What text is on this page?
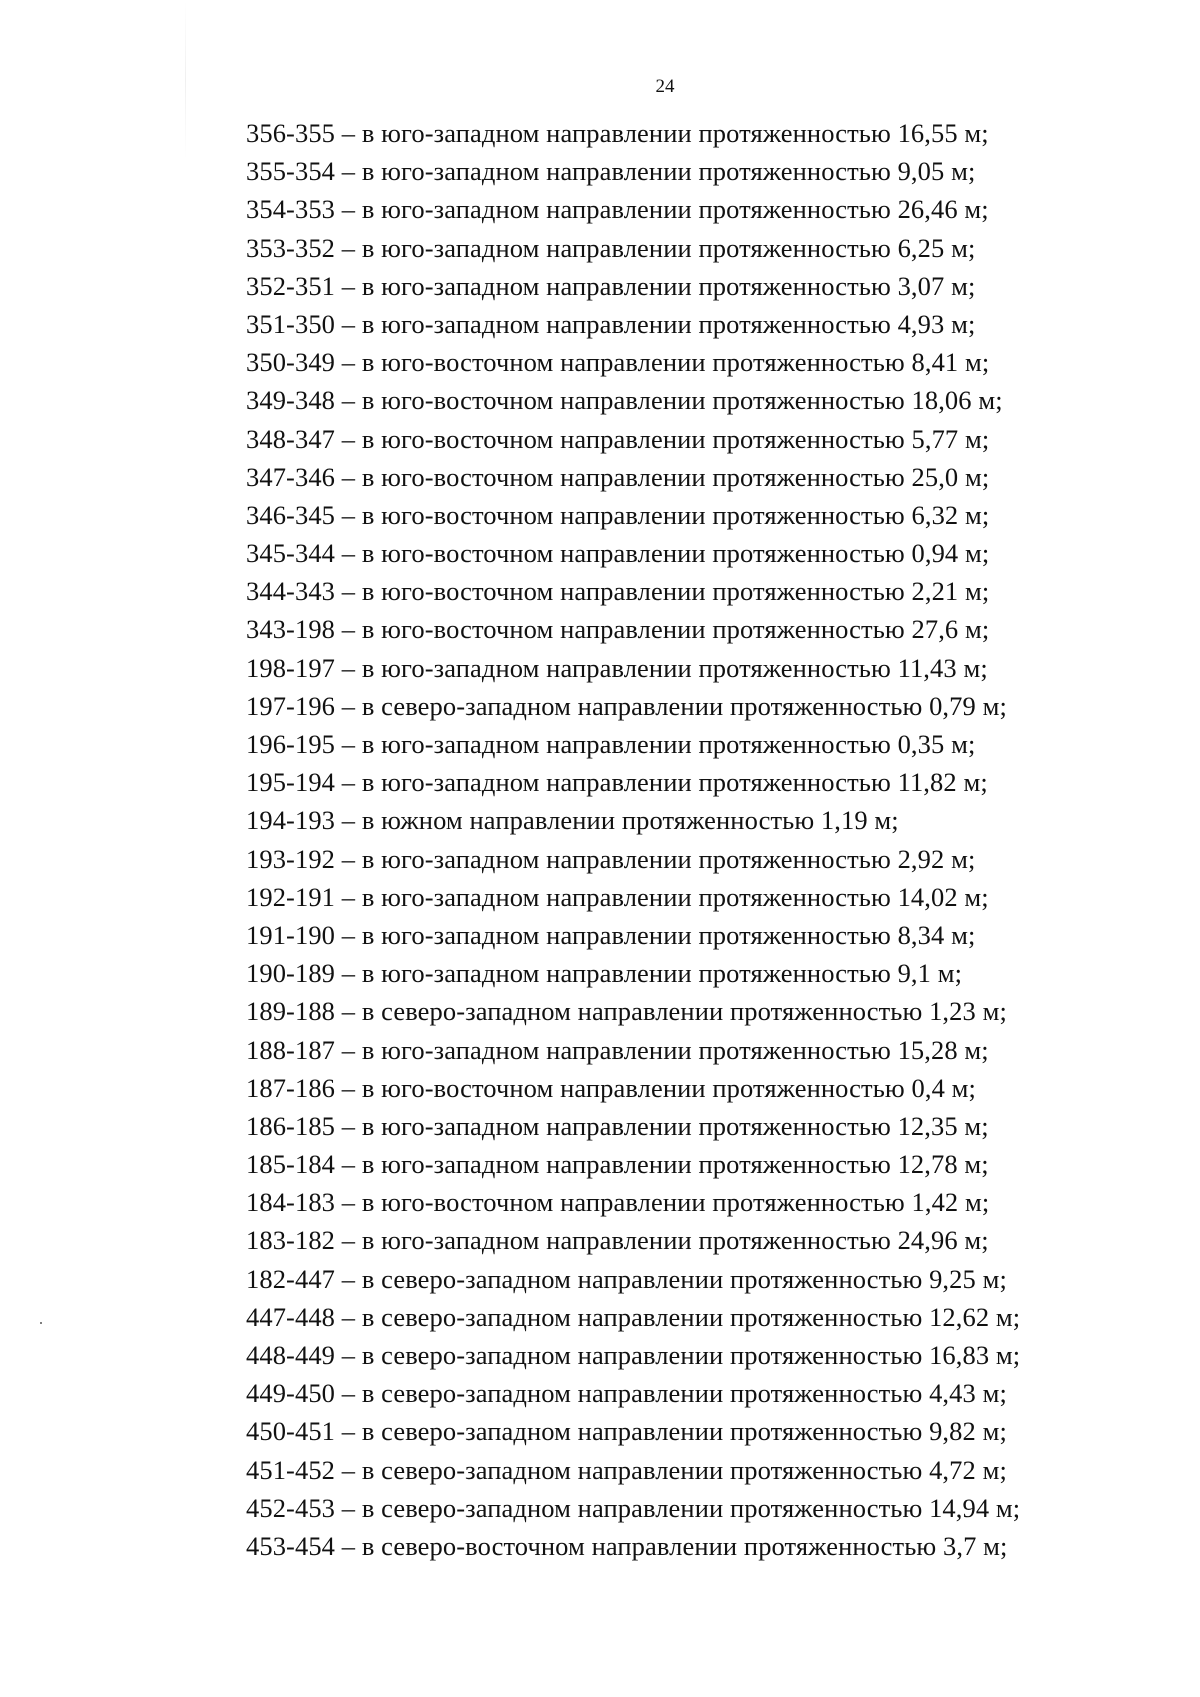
24
356-355 – в юго-западном направлении протяженностью 16,55 м;
355-354 – в юго-западном направлении протяженностью 9,05 м;
354-353 – в юго-западном направлении протяженностью 26,46 м;
353-352 – в юго-западном направлении протяженностью 6,25 м;
352-351 – в юго-западном направлении протяженностью 3,07 м;
351-350 – в юго-западном направлении протяженностью 4,93 м;
350-349 – в юго-восточном направлении протяженностью 8,41 м;
349-348 – в юго-восточном направлении протяженностью 18,06 м;
348-347 – в юго-восточном направлении протяженностью 5,77 м;
347-346 – в юго-восточном направлении протяженностью 25,0 м;
346-345 – в юго-восточном направлении протяженностью 6,32 м;
345-344 – в юго-восточном направлении протяженностью 0,94 м;
344-343 – в юго-восточном направлении протяженностью 2,21 м;
343-198 – в юго-восточном направлении протяженностью 27,6 м;
198-197 – в юго-западном направлении протяженностью 11,43 м;
197-196 – в северо-западном направлении протяженностью 0,79 м;
196-195 – в юго-западном направлении протяженностью 0,35 м;
195-194 – в юго-западном направлении протяженностью 11,82 м;
194-193 – в южном направлении протяженностью 1,19 м;
193-192 – в юго-западном направлении протяженностью 2,92 м;
192-191 – в юго-западном направлении протяженностью 14,02 м;
191-190 – в юго-западном направлении протяженностью 8,34 м;
190-189 – в юго-западном направлении протяженностью 9,1 м;
189-188 – в северо-западном направлении протяженностью 1,23 м;
188-187 – в юго-западном направлении протяженностью 15,28 м;
187-186 – в юго-восточном направлении протяженностью 0,4 м;
186-185 – в юго-западном направлении протяженностью 12,35 м;
185-184 – в юго-западном направлении протяженностью 12,78 м;
184-183 – в юго-восточном направлении протяженностью 1,42 м;
183-182 – в юго-западном направлении протяженностью 24,96 м;
182-447 – в северо-западном направлении протяженностью 9,25 м;
447-448 – в северо-западном направлении протяженностью 12,62 м;
448-449 – в северо-западном направлении протяженностью 16,83 м;
449-450 – в северо-западном направлении протяженностью 4,43 м;
450-451 – в северо-западном направлении протяженностью 9,82 м;
451-452 – в северо-западном направлении протяженностью 4,72 м;
452-453 – в северо-западном направлении протяженностью 14,94 м;
453-454 – в северо-восточном направлении протяженностью 3,7 м;
